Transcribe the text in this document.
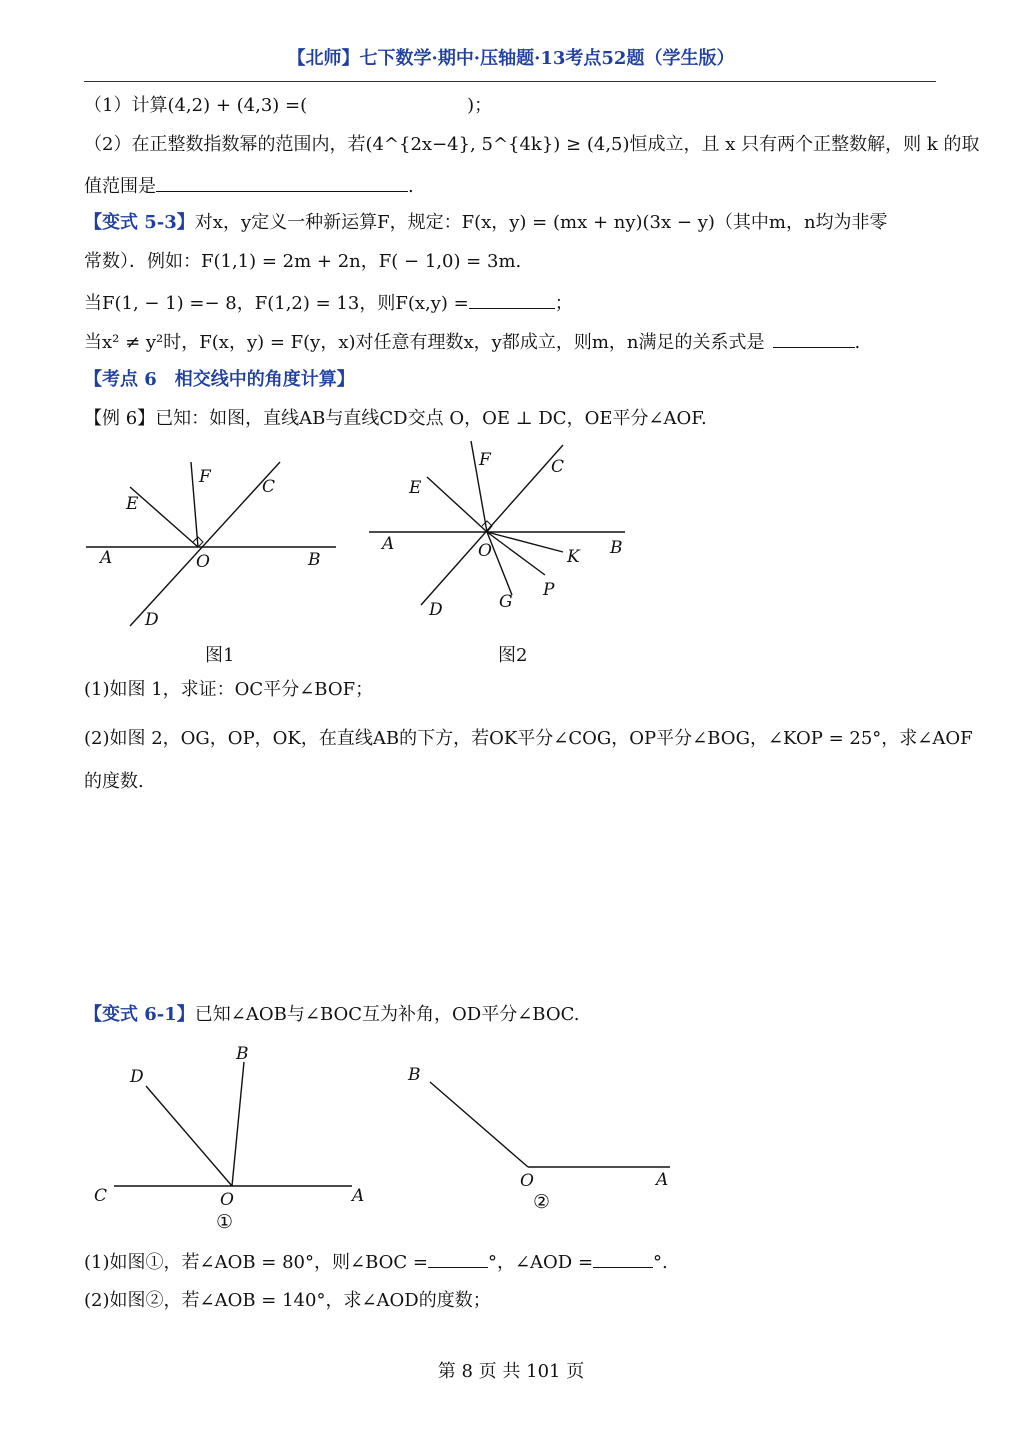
【北师】七下数学·期中·压轴题·13考点52题（学生版）
（1）计算(4,2) + (4,3) =(	)；
（2）在正整数指数幂的范围内，若(4^{2x−4}, 5^{4k}) ≥ (4,5)恒成立，且 x 只有两个正整数解，则 k 的取
值范围是	.
【变式 5-3】对x，y定义一种新运算F，规定：F(x，y) = (mx + ny)(3x − y)（其中m，n均为非零
常数）．例如：F(1,1) = 2m + 2n，F( − 1,0) = 3m.
当F(1, − 1) =− 8，F(1,2) = 13，则F(x,y) =	；
当x² ≠ y²时，F(x，y) = F(y，x)对任意有理数x，y都成立，则m，n满足的关系式是	.
【考点 6　相交线中的角度计算】
【例 6】已知：如图，直线AB与直线CD交点 O，OE ⊥ DC，OE平分∠AOF.
F
E
C
A	O	B
D
图1
F	C
E
A	O	B
K
P
G
D
图2
(1)如图 1，求证：OC平分∠BOF；
(2)如图 2，OG，OP，OK，在直线AB的下方，若OK平分∠COG，OP平分∠BOG，∠KOP = 25°，求∠AOF
的度数.
【变式 6-1】已知∠AOB与∠BOC互为补角，OD平分∠BOC.
B
D
C	O	A
①
B
O	A
②
(1)如图①，若∠AOB = 80°，则∠BOC =	°，∠AOD =	°.
(2)如图②，若∠AOB = 140°，求∠AOD的度数；
第 8 页 共 101 页
